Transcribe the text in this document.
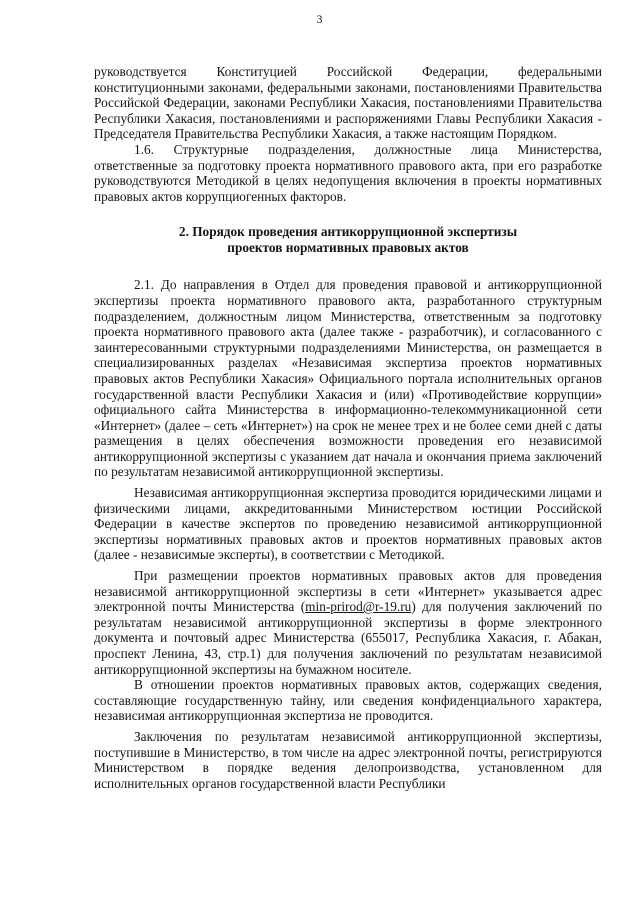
3

руководствуется Конституцией Российской Федерации, федеральными конституционными законами, федеральными законами, постановлениями Правительства Российской Федерации, законами Республики Хакасия, постановлениями Правительства Республики Хакасия, постановлениями и распоряжениями Главы Республики Хакасия - Председателя Правительства Республики Хакасия, а также настоящим Порядком.

1.6. Структурные подразделения, должностные лица Министерства, ответственные за подготовку проекта нормативного правового акта, при его разработке руководствуются Методикой в целях недопущения включения в проекты нормативных правовых актов коррупциогенных факторов.

2. Порядок проведения антикоррупционной экспертизы
проектов нормативных правовых актов

2.1. До направления в Отдел для проведения правовой и антикоррупционной экспертизы проекта нормативного правового акта, разработанного структурным подразделением, должностным лицом Министерства, ответственным за подготовку проекта нормативного правового акта (далее также - разработчик), и согласованного с заинтересованными структурными подразделениями Министерства, он размещается в специализированных разделах «Независимая экспертиза проектов нормативных правовых актов Республики Хакасия» Официального портала исполнительных органов государственной власти Республики Хакасия и (или) «Противодействие коррупции» официального сайта Министерства в информационно-телекоммуникационной сети «Интернет» (далее – сеть «Интернет») на срок не менее трех и не более семи дней с даты размещения в целях обеспечения возможности проведения его независимой антикоррупционной экспертизы с указанием дат начала и окончания приема заключений по результатам независимой антикоррупционной экспертизы.

Независимая антикоррупционная экспертиза проводится юридическими лицами и физическими лицами, аккредитованными Министерством юстиции Российской Федерации в качестве экспертов по проведению независимой антикоррупционной экспертизы нормативных правовых актов и проектов нормативных правовых актов (далее - независимые эксперты), в соответствии с Методикой.

При размещении проектов нормативных правовых актов для проведения независимой антикоррупционной экспертизы в сети «Интернет» указывается адрес электронной почты Министерства (min-prirod@r-19.ru) для получения заключений по результатам независимой антикоррупционной экспертизы в форме электронного документа и почтовый адрес Министерства (655017, Республика Хакасия, г. Абакан, проспект Ленина, 43, стр.1) для получения заключений по результатам независимой антикоррупционной экспертизы на бумажном носителе.

В отношении проектов нормативных правовых актов, содержащих сведения, составляющие государственную тайну, или сведения конфиденциального характера, независимая антикоррупционная экспертиза не проводится.

Заключения по результатам независимой антикоррупционной экспертизы, поступившие в Министерство, в том числе на адрес электронной почты, регистрируются Министерством в порядке ведения делопроизводства, установленном для исполнительных органов государственной власти Республики
